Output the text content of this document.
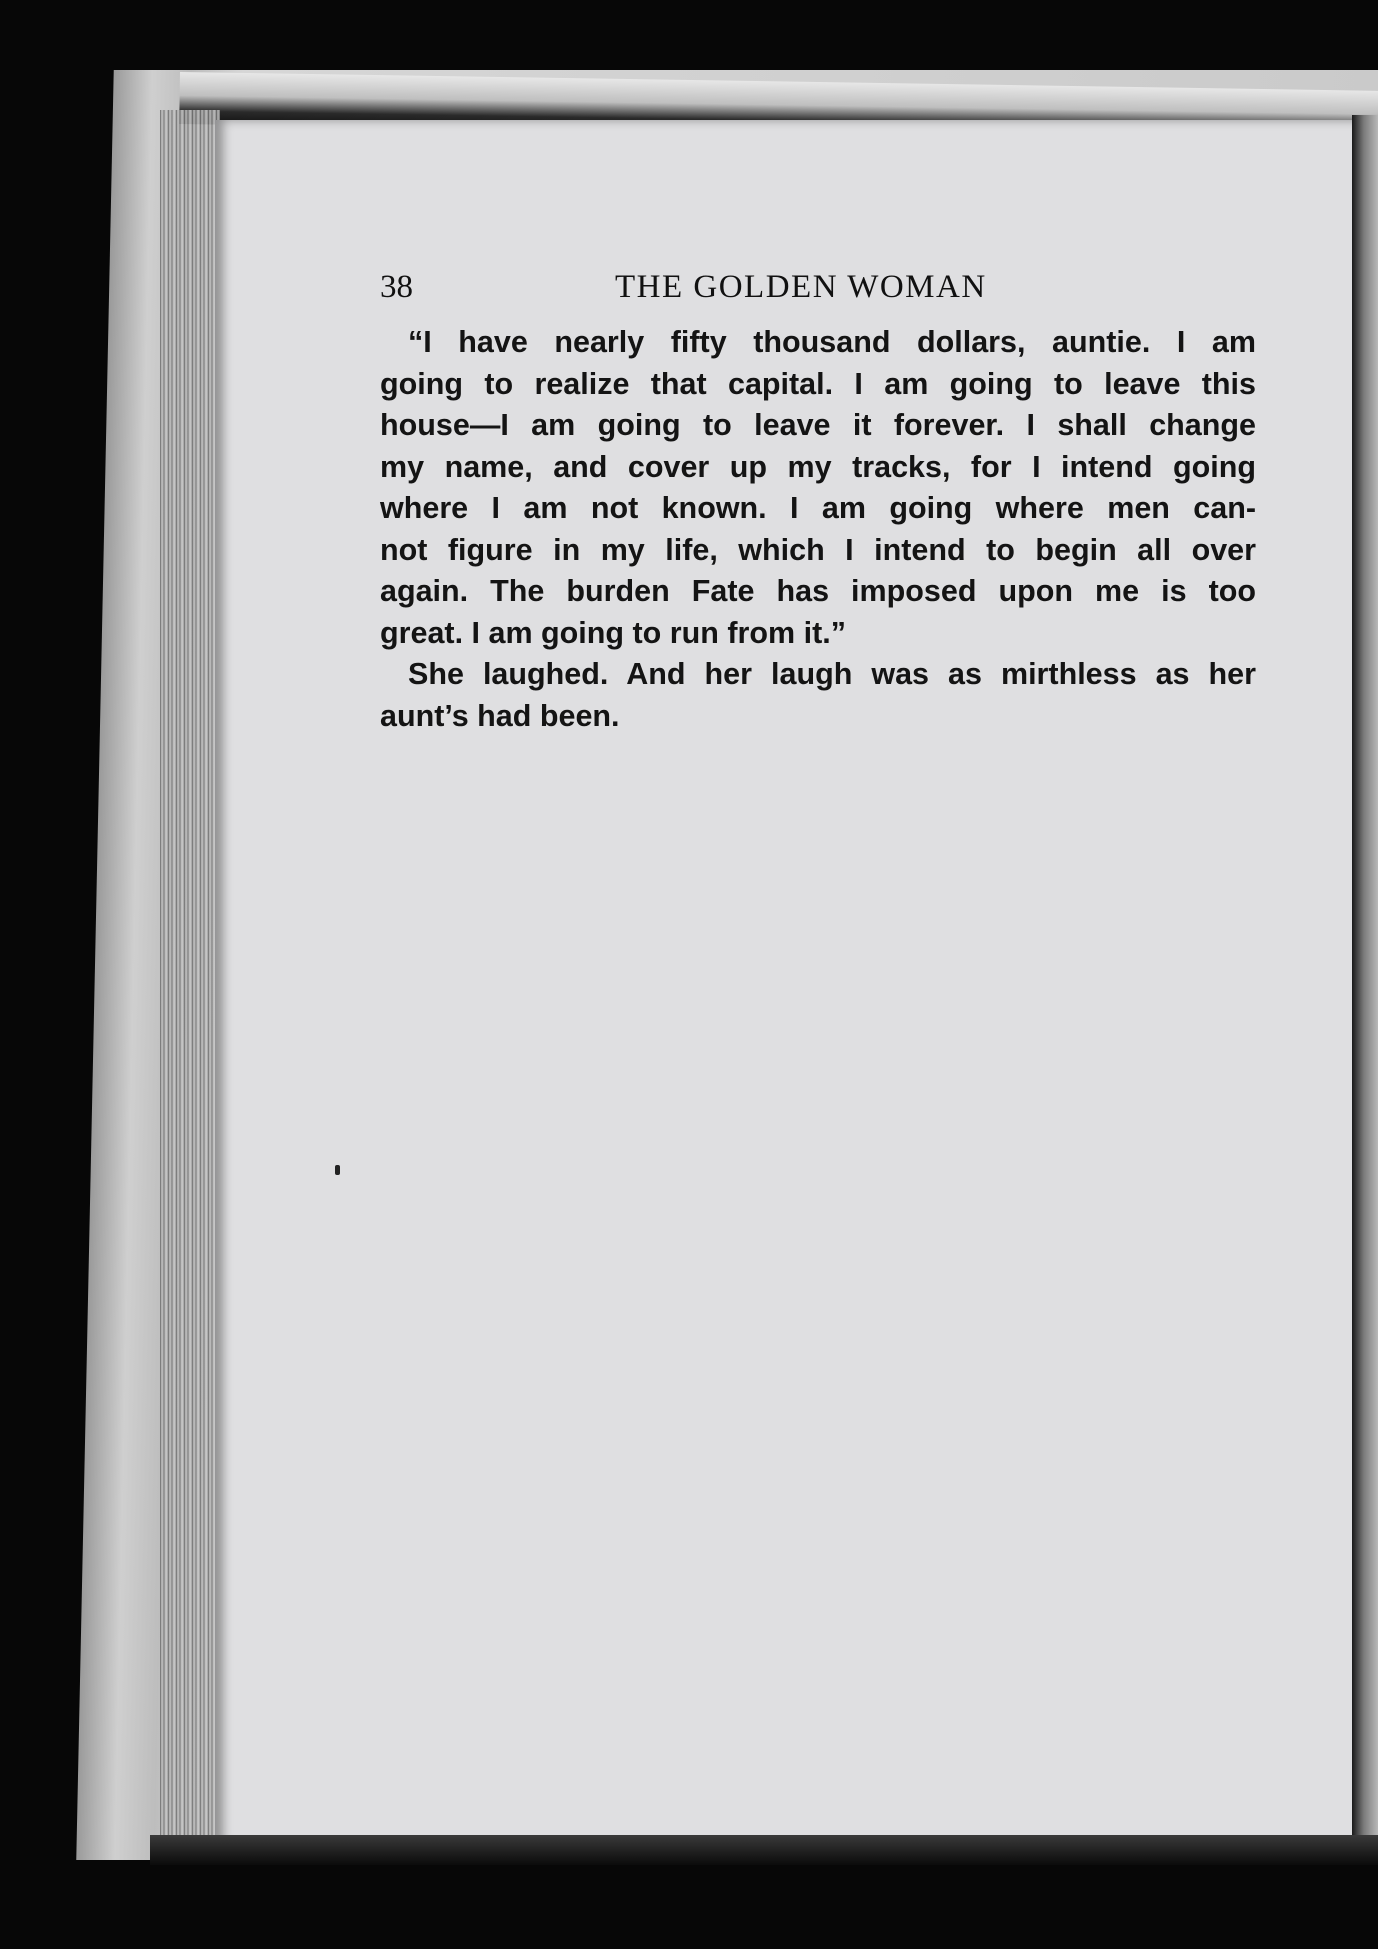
38	THE GOLDEN WOMAN

“I have nearly fifty thousand dollars, auntie. I am
going to realize that capital. I am going to leave this
house—I am going to leave it forever. I shall change
my name, and cover up my tracks, for I intend going
where I am not known. I am going where men can-
not figure in my life, which I intend to begin all over
again. The burden Fate has imposed upon me is too
great. I am going to run from it.”

She laughed. And her laugh was as mirthless as her
aunt’s had been.
